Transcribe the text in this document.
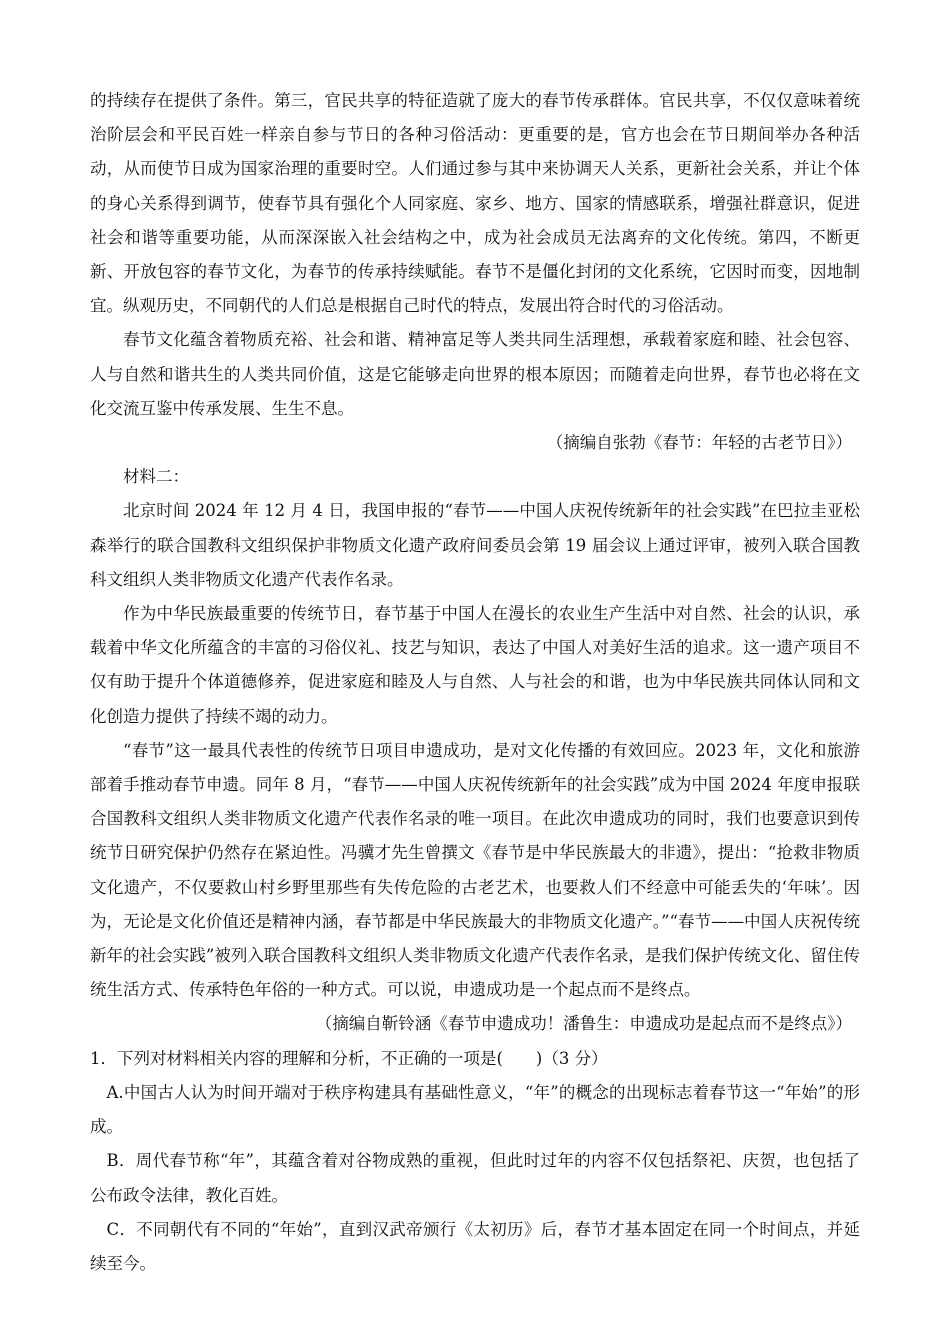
的持续存在提供了条件。第三，官民共享的特征造就了庞大的春节传承群体。官民共享，不仅仅意味着统治阶层会和平民百姓一样亲自参与节日的各种习俗活动：更重要的是，官方也会在节日期间举办各种活动，从而使节日成为国家治理的重要时空。人们通过参与其中来协调天人关系，更新社会关系，并让个体的身心关系得到调节，使春节具有强化个人同家庭、家乡、地方、国家的情感联系，增强社群意识，促进社会和谐等重要功能，从而深深嵌入社会结构之中，成为社会成员无法离弃的文化传统。第四，不断更新、开放包容的春节文化，为春节的传承持续赋能。春节不是僵化封闭的文化系统，它因时而变，因地制宜。纵观历史，不同朝代的人们总是根据自己时代的特点，发展出符合时代的习俗活动。

春节文化蕴含着物质充裕、社会和谐、精神富足等人类共同生活理想，承载着家庭和睦、社会包容、人与自然和谐共生的人类共同价值，这是它能够走向世界的根本原因；而随着走向世界，春节也必将在文化交流互鉴中传承发展、生生不息。

（摘编自张勃《春节：年轻的古老节日》）

材料二：

北京时间 2024 年 12 月 4 日，我国申报的“春节——中国人庆祝传统新年的社会实践”在巴拉圭亚松森举行的联合国教科文组织保护非物质文化遗产政府间委员会第 19 届会议上通过评审，被列入联合国教科文组织人类非物质文化遗产代表作名录。

作为中华民族最重要的传统节日，春节基于中国人在漫长的农业生产生活中对自然、社会的认识，承载着中华文化所蕴含的丰富的习俗仪礼、技艺与知识，表达了中国人对美好生活的追求。这一遗产项目不仅有助于提升个体道德修养，促进家庭和睦及人与自然、人与社会的和谐，也为中华民族共同体认同和文化创造力提供了持续不竭的动力。

“春节”这一最具代表性的传统节日项目申遗成功，是对文化传播的有效回应。2023 年，文化和旅游部着手推动春节申遗。同年 8 月，“春节——中国人庆祝传统新年的社会实践”成为中国 2024 年度申报联合国教科文组织人类非物质文化遗产代表作名录的唯一项目。在此次申遗成功的同时，我们也要意识到传统节日研究保护仍然存在紧迫性。冯骥才先生曾撰文《春节是中华民族最大的非遗》，提出：“抢救非物质文化遗产，不仅要救山村乡野里那些有失传危险的古老艺术，也要救人们不经意中可能丢失的‘年味’。因为，无论是文化价值还是精神内涵，春节都是中华民族最大的非物质文化遗产。”“春节——中国人庆祝传统新年的社会实践”被列入联合国教科文组织人类非物质文化遗产代表作名录，是我们保护传统文化、留住传统生活方式、传承特色年俗的一种方式。可以说，申遗成功是一个起点而不是终点。

（摘编自靳铃涵《春节申遗成功！潘鲁生：申遗成功是起点而不是终点》）

1．下列对材料相关内容的理解和分析，不正确的一项是(　　)（3 分）

A.中国古人认为时间开端对于秩序构建具有基础性意义，“年”的概念的出现标志着春节这一“年始”的形成。

B．周代春节称“年”，其蕴含着对谷物成熟的重视，但此时过年的内容不仅包括祭祀、庆贺，也包括了公布政令法律，教化百姓。

C．不同朝代有不同的“年始”，直到汉武帝颁行《太初历》后，春节才基本固定在同一个时间点，并延续至今。
